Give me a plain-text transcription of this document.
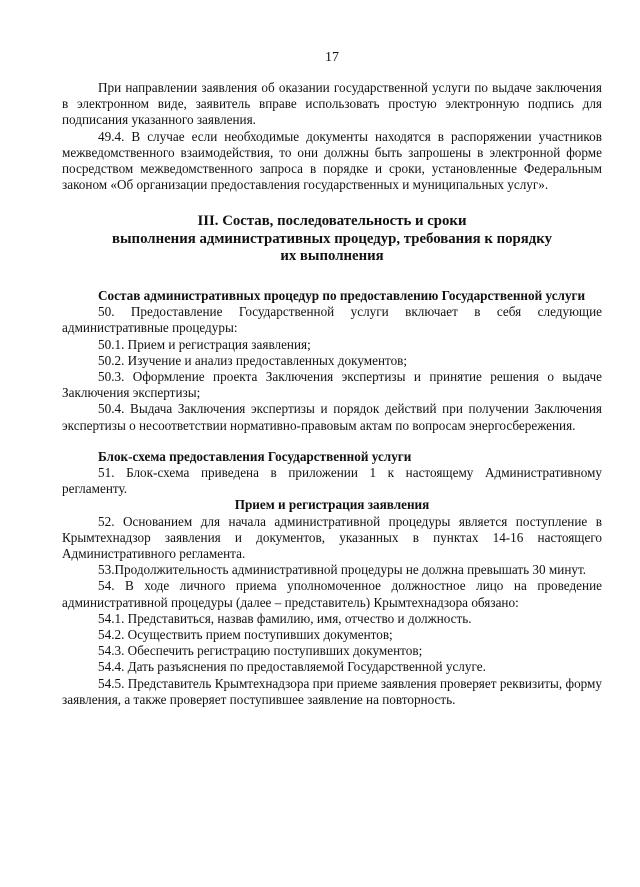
17

При направлении заявления об оказании государственной услуги по выдаче заключения в электронном виде, заявитель вправе использовать простую электронную подпись для подписания указанного заявления.

49.4. В случае если необходимые документы находятся в распоряжении участников межведомственного взаимодействия, то они должны быть запрошены в электронной форме посредством межведомственного запроса в порядке и сроки, установленные Федеральным законом «Об организации предоставления государственных и муниципальных услуг».

III. Состав, последовательность и сроки
выполнения административных процедур, требования к порядку
их выполнения

Состав административных процедур по предоставлению Государственной услуги

50. Предоставление Государственной услуги включает в себя следующие административные процедуры:

50.1. Прием и регистрация заявления;

50.2. Изучение и анализ предоставленных документов;

50.3. Оформление проекта Заключения экспертизы и принятие решения о выдаче Заключения экспертизы;

50.4. Выдача Заключения экспертизы и порядок действий при получении Заключения экспертизы о несоответствии нормативно-правовым актам по вопросам энергосбережения.

Блок-схема предоставления Государственной услуги

51. Блок-схема приведена в приложении 1 к настоящему Административному регламенту.

Прием и регистрация заявления

52. Основанием для начала административной процедуры является поступление в Крымтехнадзор заявления и документов, указанных в пунктах 14-16 настоящего Административного регламента.

53.Продолжительность административной процедуры не должна превышать 30 минут.

54. В ходе личного приема уполномоченное должностное лицо на проведение административной процедуры (далее – представитель) Крымтехнадзора обязано:

54.1. Представиться, назвав фамилию, имя, отчество и должность.

54.2. Осуществить прием поступивших документов;

54.3. Обеспечить регистрацию поступивших документов;

54.4. Дать разъяснения по предоставляемой Государственной услуге.

54.5. Представитель Крымтехнадзора при приеме заявления проверяет реквизиты, форму заявления, а также проверяет поступившее заявление на повторность.
